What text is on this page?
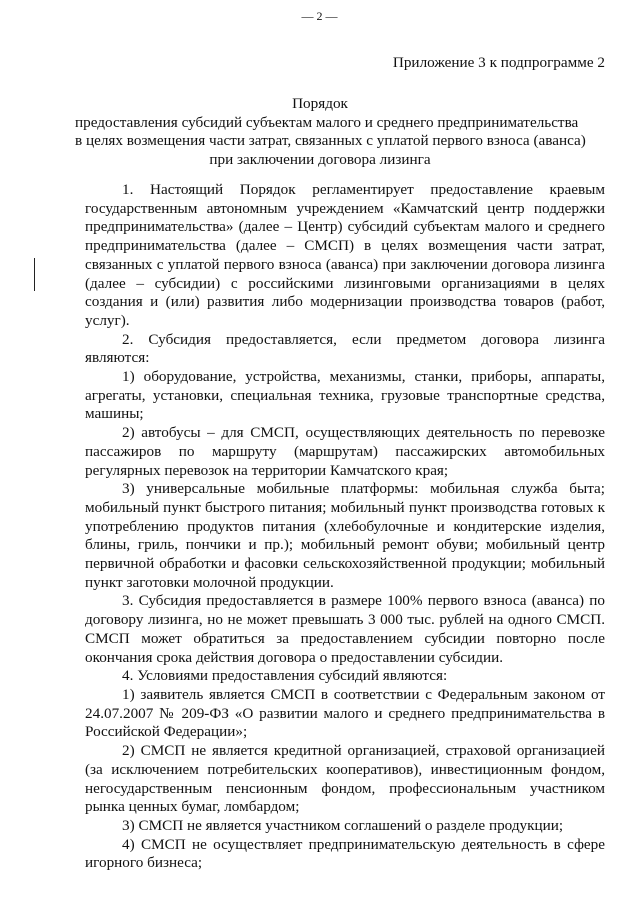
— 2 —
Приложение 3 к подпрограмме 2
Порядок
предоставления субсидий субъектам малого и среднего предпринимательства
в целях возмещения части затрат, связанных с уплатой первого взноса (аванса)
при заключении договора лизинга

1. Настоящий Порядок регламентирует предоставление краевым государственным автономным учреждением «Камчатский центр поддержки предпринимательства» (далее – Центр) субсидий субъектам малого и среднего предпринимательства (далее – СМСП) в целях возмещения части затрат, связанных с уплатой первого взноса (аванса) при заключении договора лизинга (далее – субсидии) с российскими лизинговыми организациями в целях создания и (или) развития либо модернизации производства товаров (работ, услуг).

2. Субсидия предоставляется, если предметом договора лизинга являются:

1) оборудование, устройства, механизмы, станки, приборы, аппараты, агрегаты, установки, специальная техника, грузовые транспортные средства, машины;

2) автобусы – для СМСП, осуществляющих деятельность по перевозке пассажиров по маршруту (маршрутам) пассажирских автомобильных регулярных перевозок на территории Камчатского края;

3) универсальные мобильные платформы: мобильная служба быта; мобильный пункт быстрого питания; мобильный пункт производства готовых к употреблению продуктов питания (хлебобулочные и кондитерские изделия, блины, гриль, пончики и пр.); мобильный ремонт обуви; мобильный центр первичной обработки и фасовки сельскохозяйственной продукции; мобильный пункт заготовки молочной продукции.

3. Субсидия предоставляется в размере 100% первого взноса (аванса) по договору лизинга, но не может превышать 3 000 тыс. рублей на одного СМСП. СМСП может обратиться за предоставлением субсидии повторно после окончания срока действия договора о предоставлении субсидии.

4. Условиями предоставления субсидий являются:

1) заявитель является СМСП в соответствии с Федеральным законом от 24.07.2007 № 209-ФЗ «О развитии малого и среднего предпринимательства в Российской Федерации»;

2) СМСП не является кредитной организацией, страховой организацией (за исключением потребительских кооперативов), инвестиционным фондом, негосударственным пенсионным фондом, профессиональным участником рынка ценных бумаг, ломбардом;

3) СМСП не является участником соглашений о разделе продукции;

4) СМСП не осуществляет предпринимательскую деятельность в сфере игорного бизнеса;
